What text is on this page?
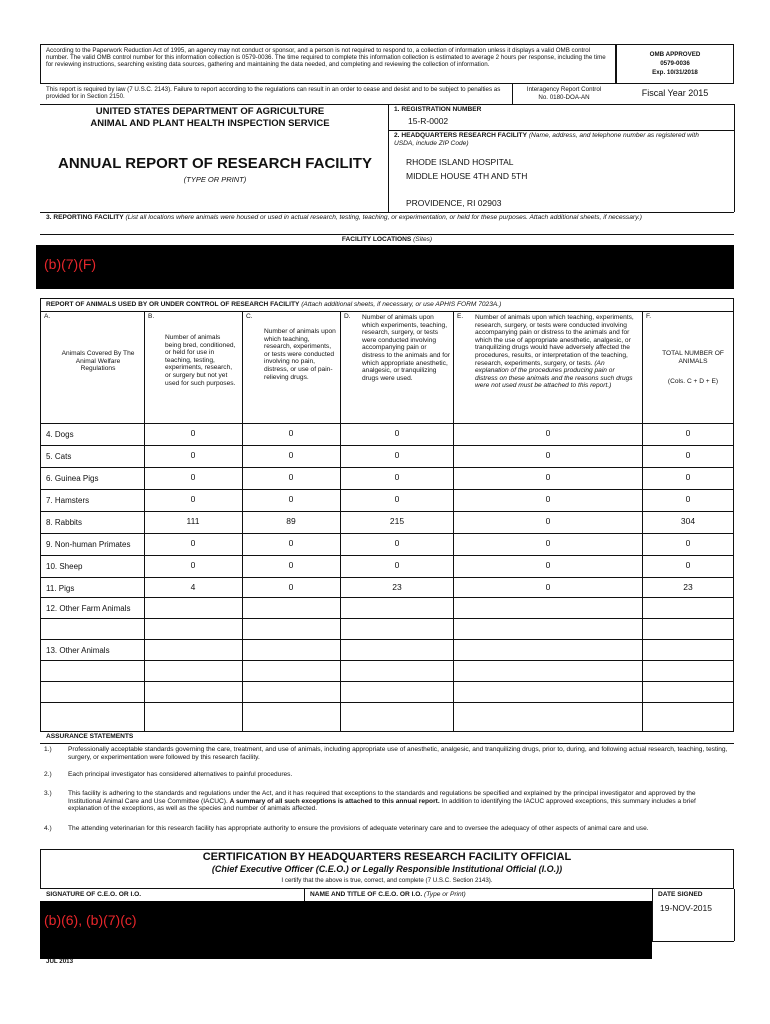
According to the Paperwork Reduction Act of 1995, an agency may not conduct or sponsor, and a person is not required to respond to, a collection of information unless it displays a valid OMB control number. The valid OMB control number for this information collection is 0579-0036. The time required to complete this information collection is estimated to average 2 hours per response, including the time for reviewing instructions, searching existing data sources, gathering and maintaining the data needed, and completing and reviewing the collection of information.
OMB APPROVED
0579-0036
Exp. 10/31/2018
This report is required by law (7 U.S.C. 2143). Failure to report according to the regulations can result in an order to cease and desist and to be subject to penalties as provided for in Section 2150.
Interagency Report Control
No. 0180-DOA-AN	Fiscal Year 2015
UNITED STATES DEPARTMENT OF AGRICULTURE
ANIMAL AND PLANT HEALTH INSPECTION SERVICE
ANNUAL REPORT OF RESEARCH FACILITY
(TYPE OR PRINT)
1. REGISTRATION NUMBER
15-R-0002
2. HEADQUARTERS RESEARCH FACILITY (Name, address, and telephone number as registered with USDA, include ZIP Code)
RHODE ISLAND HOSPITAL
MIDDLE HOUSE 4TH AND 5TH
PROVIDENCE, RI 02903
3. REPORTING FACILITY (List all locations where animals were housed or used in actual research, testing, teaching, or experimentation, or held for these purposes. Attach additional sheets, if necessary.)
FACILITY LOCATIONS (Sites)
(b)(7)(F)
REPORT OF ANIMALS USED BY OR UNDER CONTROL OF RESEARCH FACILITY (Attach additional sheets, if necessary, or use APHIS FORM 7023A.)
A.
Animals Covered By The Animal Welfare Regulations
B.
Number of animals being bred, conditioned, or held for use in teaching, testing, experiments, research, or surgery but not yet used for such purposes.
C.
Number of animals upon which teaching, research, experiments, or tests were conducted involving no pain, distress, or use of pain-relieving drugs.
D. Number of animals upon which experiments, teaching, research, surgery, or tests were conducted involving accompanying pain or distress to the animals and for which appropriate anesthetic, analgesic, or tranquilizing drugs were used.
E. Number of animals upon which teaching, experiments, research, surgery, or tests were conducted involving accompanying pain or distress to the animals and for which the use of appropriate anesthetic, analgesic, or tranquilizing drugs would have adversely affected the procedures, results, or interpretation of the teaching, research, experiments, surgery, or tests. (An explanation of the procedures producing pain or distress on these animals and the reasons such drugs were not used must be attached to this report.)
F.
TOTAL NUMBER OF ANIMALS
(Cols. C + D + E)
4. Dogs	0	0	0	0	0
5. Cats	0	0	0	0	0
6. Guinea Pigs	0	0	0	0	0
7. Hamsters	0	0	0	0	0
8. Rabbits	111	89	215	0	304
9. Non-human Primates	0	0	0	0	0
10. Sheep	0	0	0	0	0
11. Pigs	4	0	23	0	23
12. Other Farm Animals
13. Other Animals
ASSURANCE STATEMENTS
1.) Professionally acceptable standards governing the care, treatment, and use of animals, including appropriate use of anesthetic, analgesic, and tranquilizing drugs, prior to, during, and following actual research, teaching, testing, surgery, or experimentation were followed by this research facility.
2.) Each principal investigator has considered alternatives to painful procedures.
3.) This facility is adhering to the standards and regulations under the Act, and it has required that exceptions to the standards and regulations be specified and explained by the principal investigator and approved by the Institutional Animal Care and Use Committee (IACUC). A summary of all such exceptions is attached to this annual report. In addition to identifying the IACUC approved exceptions, this summary includes a brief explanation of the exceptions, as well as the species and number of animals affected.
4.) The attending veterinarian for this research facility has appropriate authority to ensure the provisions of adequate veterinary care and to oversee the adequacy of other aspects of animal care and use.
CERTIFICATION BY HEADQUARTERS RESEARCH FACILITY OFFICIAL
(Chief Executive Officer (C.E.O.) or Legally Responsible Institutional Official (I.O.))
I certify that the above is true, correct, and complete (7 U.S.C. Section 2143).
SIGNATURE OF C.E.O. OR I.O.	NAME AND TITLE OF C.E.O. OR I.O. (Type or Print)	DATE SIGNED
19-NOV-2015
(b)(6), (b)(7)(c)
JUL 2013
